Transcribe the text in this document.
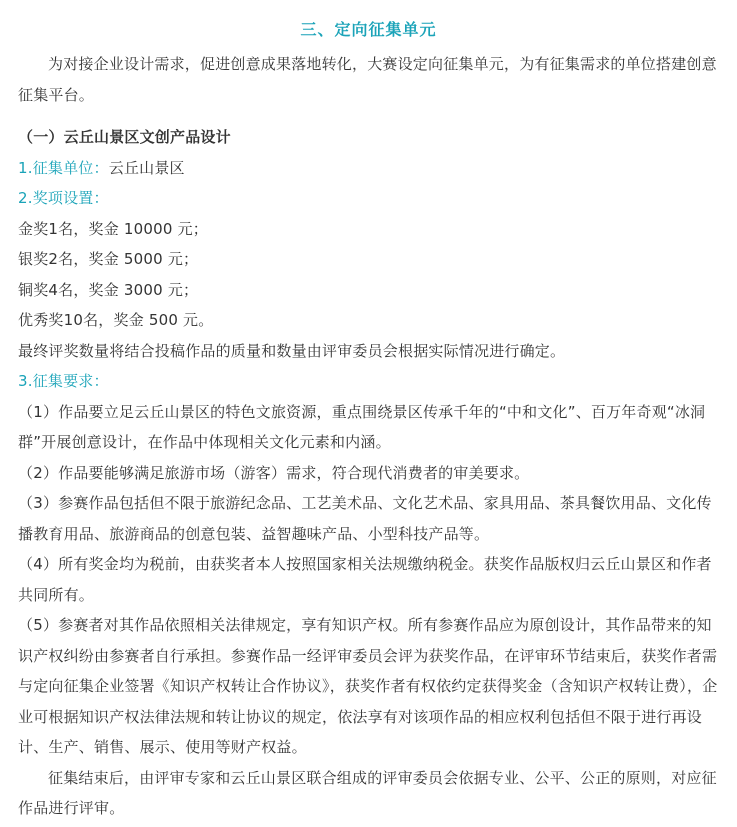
三、定向征集单元

为对接企业设计需求，促进创意成果落地转化，大赛设定向征集单元，为有征集需求的单位搭建创意征集平台。

（一）云丘山景区文创产品设计

1.征集单位：云丘山景区

2.奖项设置：

金奖1名，奖金 10000 元；

银奖2名，奖金 5000 元；

铜奖4名，奖金 3000 元；

优秀奖10名，奖金 500 元。

最终评奖数量将结合投稿作品的质量和数量由评审委员会根据实际情况进行确定。

3.征集要求：

（1）作品要立足云丘山景区的特色文旅资源，重点围绕景区传承千年的“中和文化”、百万年奇观“冰洞群”开展创意设计，在作品中体现相关文化元素和内涵。

（2）作品要能够满足旅游市场（游客）需求，符合现代消费者的审美要求。

（3）参赛作品包括但不限于旅游纪念品、工艺美术品、文化艺术品、家具用品、茶具餐饮用品、文化传播教育用品、旅游商品的创意包装、益智趣味产品、小型科技产品等。

（4）所有奖金均为税前，由获奖者本人按照国家相关法规缴纳税金。获奖作品版权归云丘山景区和作者共同所有。

（5）参赛者对其作品依照相关法律规定，享有知识产权。所有参赛作品应为原创设计，其作品带来的知识产权纠纷由参赛者自行承担。参赛作品一经评审委员会评为获奖作品，在评审环节结束后，获奖作者需与定向征集企业签署《知识产权转让合作协议》，获奖作者有权依约定获得奖金（含知识产权转让费），企业可根据知识产权法律法规和转让协议的规定，依法享有对该项作品的相应权利包括但不限于进行再设计、生产、销售、展示、使用等财产权益。

征集结束后，由评审专家和云丘山景区联合组成的评审委员会依据专业、公平、公正的原则，对应征作品进行评审。
